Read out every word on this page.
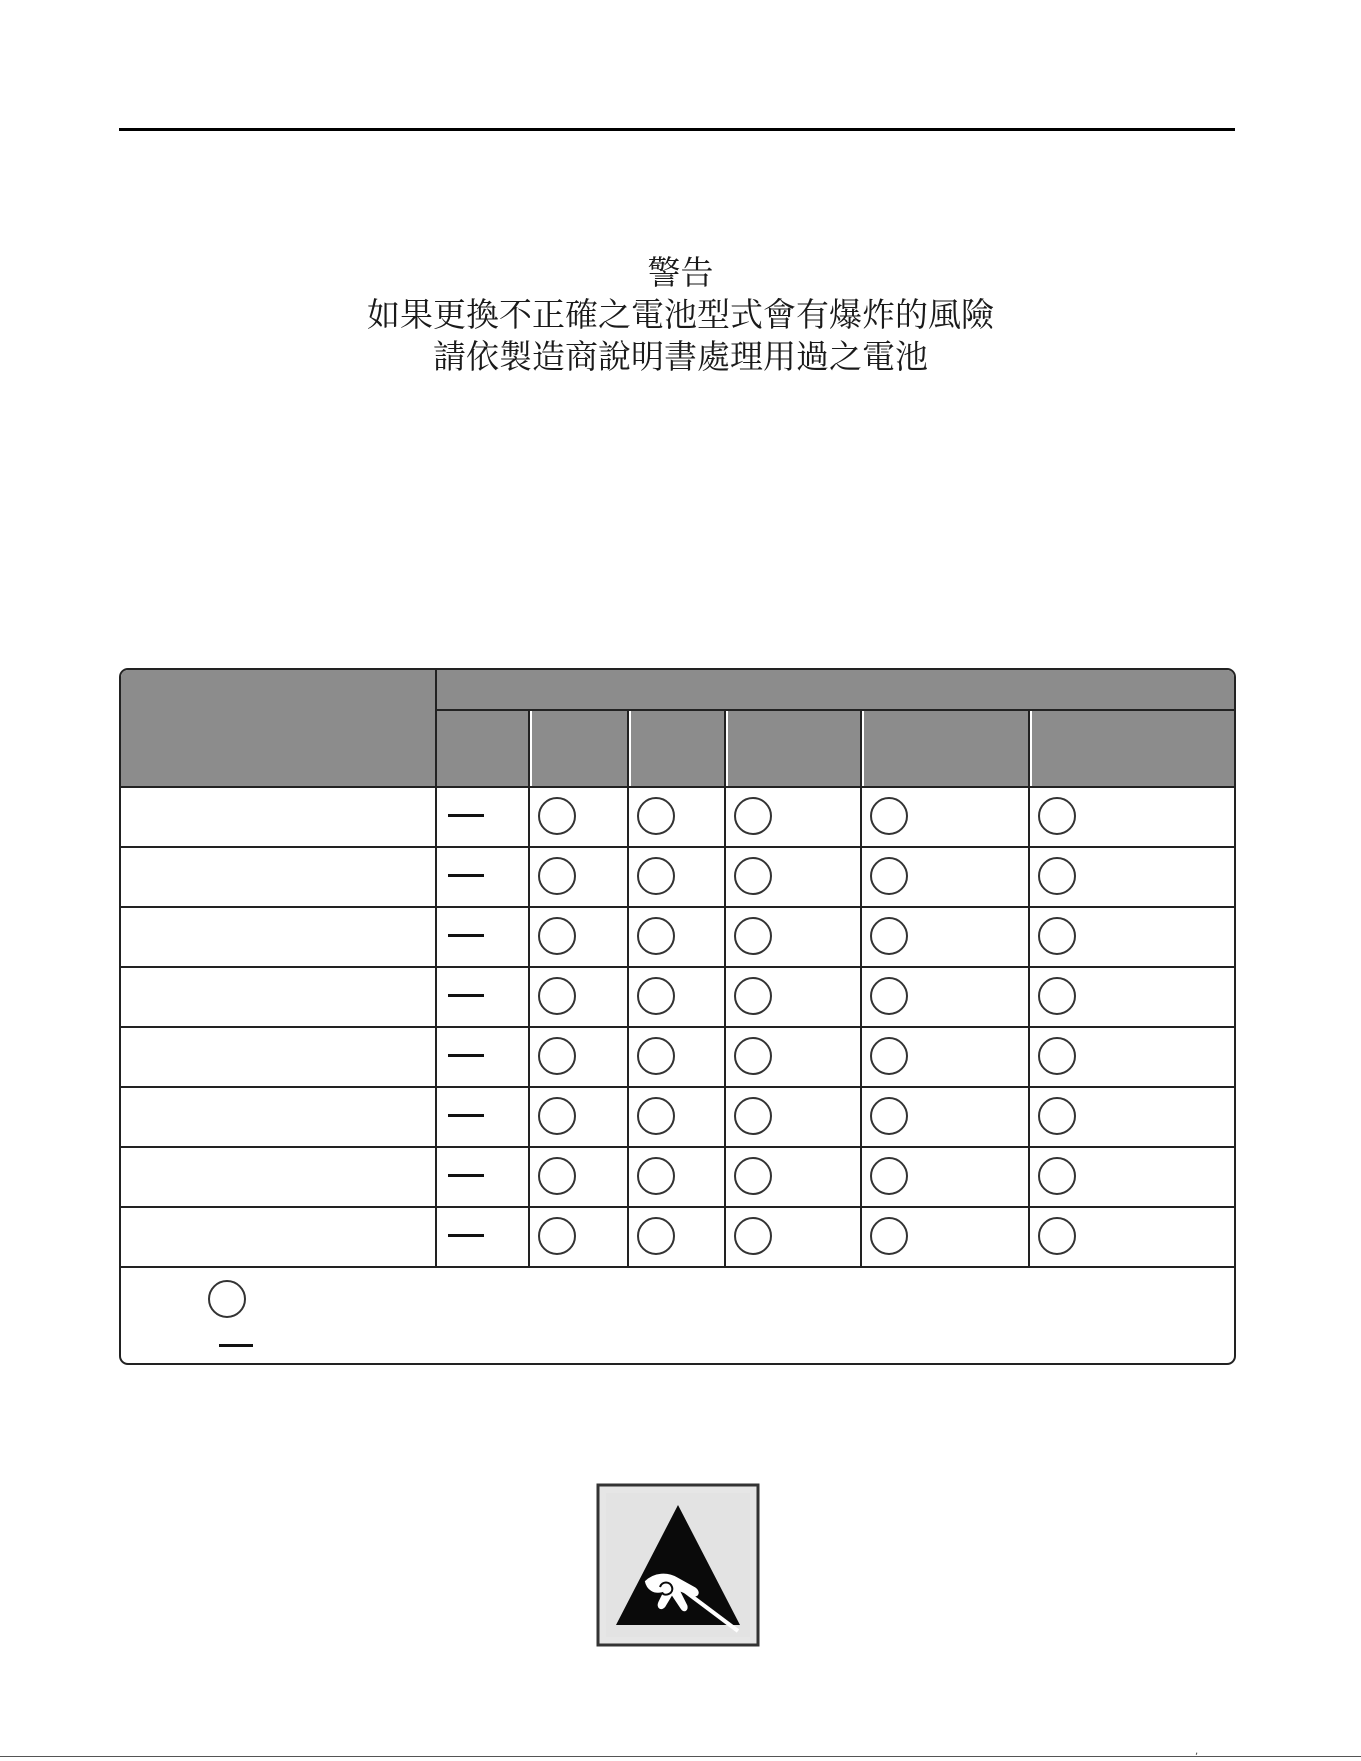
警告
如果更換不正確之電池型式會有爆炸的風險
請依製造商說明書處理用過之電池
,
